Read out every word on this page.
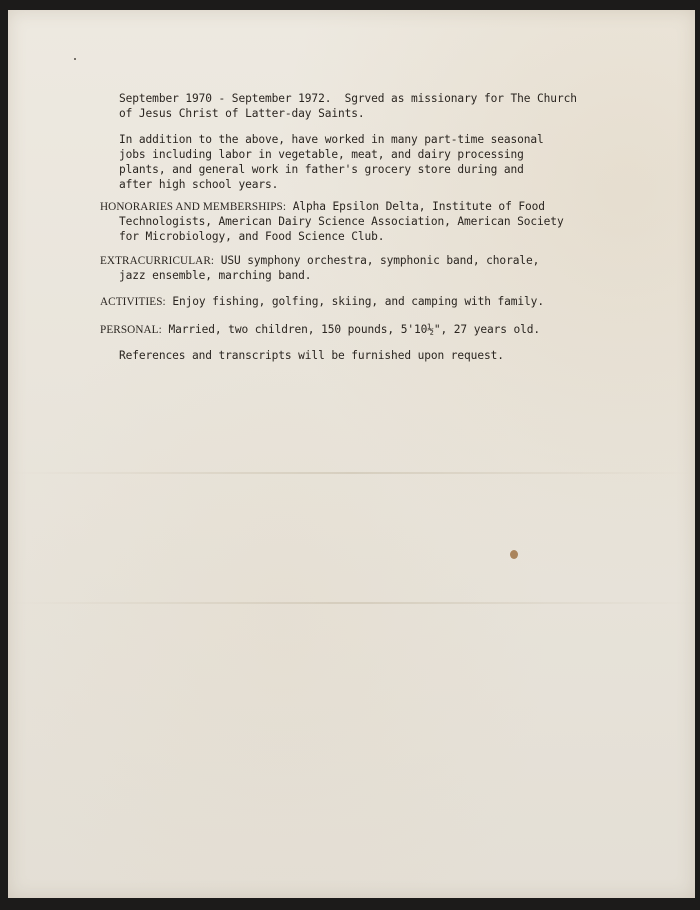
September 1970 - September 1972.  Sgrved as missionary for The Church
of Jesus Christ of Latter-day Saints.
In addition to the above, have worked in many part-time seasonal
jobs including labor in vegetable, meat, and dairy processing
plants, and general work in father's grocery store during and
after high school years.
HONORARIES AND MEMBERSHIPS: Alpha Epsilon Delta, Institute of Food
Technologists, American Dairy Science Association, American Society
for Microbiology, and Food Science Club.
EXTRACURRICULAR: USU symphony orchestra, symphonic band, chorale,
jazz ensemble, marching band.
ACTIVITIES: Enjoy fishing, golfing, skiing, and camping with family.
PERSONAL: Married, two children, 150 pounds, 5'10½", 27 years old.
References and transcripts will be furnished upon request.
